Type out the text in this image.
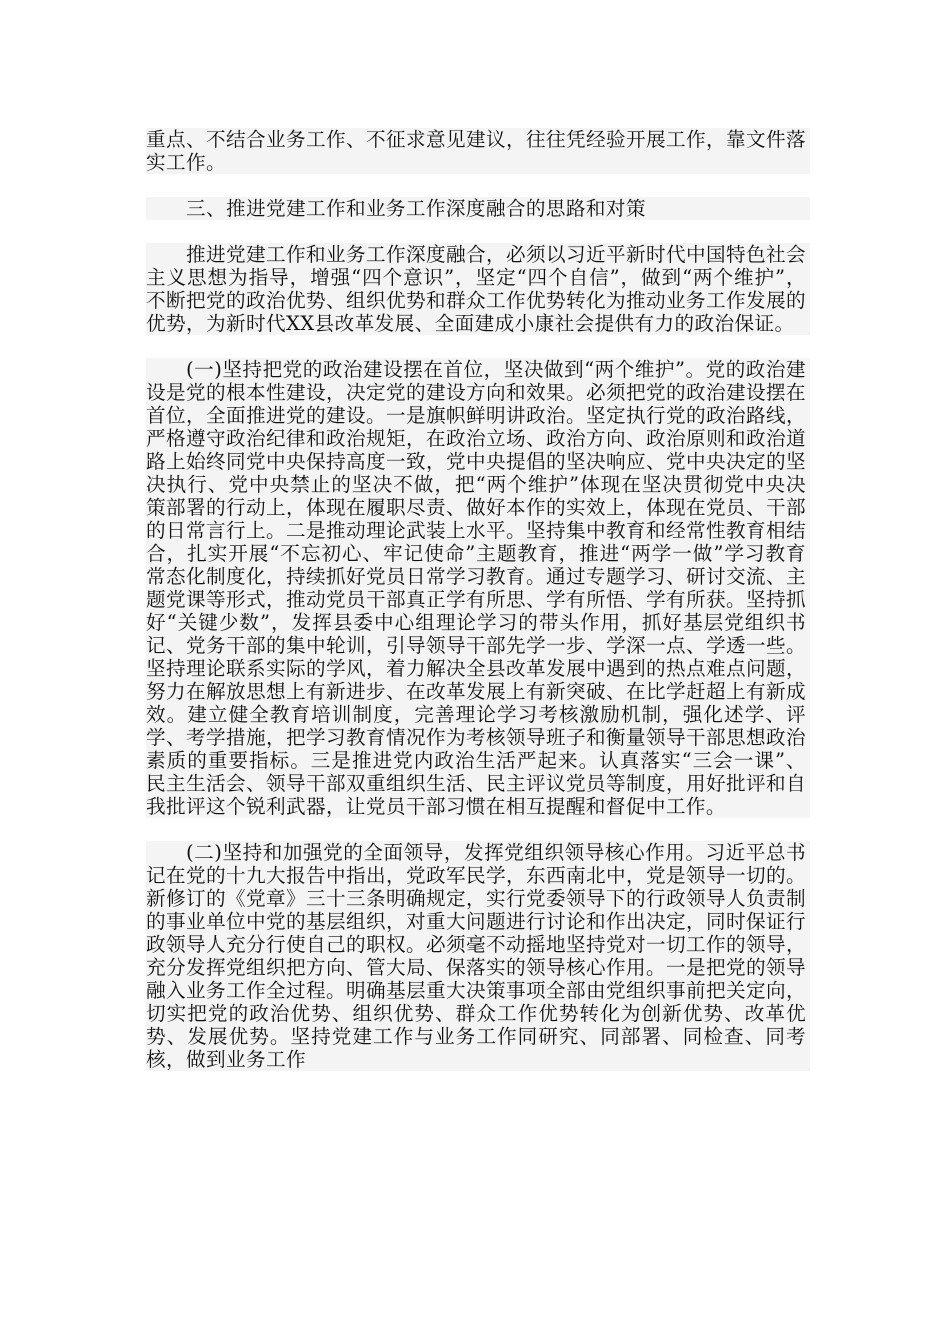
重点、不结合业务工作、不征求意见建议，往往凭经验开展工作，靠文件落实工作。

三、推进党建工作和业务工作深度融合的思路和对策

推进党建工作和业务工作深度融合，必须以习近平新时代中国特色社会主义思想为指导，增强“四个意识”，坚定“四个自信”，做到“两个维护”，不断把党的政治优势、组织优势和群众工作优势转化为推动业务工作发展的优势，为新时代XX县改革发展、全面建成小康社会提供有力的政治保证。

(一)坚持把党的政治建设摆在首位，坚决做到“两个维护”。党的政治建设是党的根本性建设，决定党的建设方向和效果。必须把党的政治建设摆在首位，全面推进党的建设。一是旗帜鲜明讲政治。坚定执行党的政治路线，严格遵守政治纪律和政治规矩，在政治立场、政治方向、政治原则和政治道路上始终同党中央保持高度一致，党中央提倡的坚决响应、党中央决定的坚决执行、党中央禁止的坚决不做，把“两个维护”体现在坚决贯彻党中央决策部署的行动上，体现在履职尽责、做好本作的实效上，体现在党员、干部的日常言行上。二是推动理论武装上水平。坚持集中教育和经常性教育相结合，扎实开展“不忘初心、牢记使命”主题教育，推进“两学一做”学习教育常态化制度化，持续抓好党员日常学习教育。通过专题学习、研讨交流、主题党课等形式，推动党员干部真正学有所思、学有所悟、学有所获。坚持抓好“关键少数”，发挥县委中心组理论学习的带头作用，抓好基层党组织书记、党务干部的集中轮训，引导领导干部先学一步、学深一点、学透一些。坚持理论联系实际的学风，着力解决全县改革发展中遇到的热点难点问题，努力在解放思想上有新进步、在改革发展上有新突破、在比学赶超上有新成效。建立健全教育培训制度，完善理论学习考核激励机制，强化述学、评学、考学措施，把学习教育情况作为考核领导班子和衡量领导干部思想政治素质的重要指标。三是推进党内政治生活严起来。认真落实“三会一课”、民主生活会、领导干部双重组织生活、民主评议党员等制度，用好批评和自我批评这个锐利武器，让党员干部习惯在相互提醒和督促中工作。

(二)坚持和加强党的全面领导，发挥党组织领导核心作用。习近平总书记在党的十九大报告中指出，党政军民学，东西南北中，党是领导一切的。新修订的《党章》三十三条明确规定，实行党委领导下的行政领导人负责制的事业单位中党的基层组织，对重大问题进行讨论和作出决定，同时保证行政领导人充分行使自己的职权。必须毫不动摇地坚持党对一切工作的领导，充分发挥党组织把方向、管大局、保落实的领导核心作用。一是把党的领导融入业务工作全过程。明确基层重大决策事项全部由党组织事前把关定向，切实把党的政治优势、组织优势、群众工作优势转化为创新优势、改革优势、发展优势。坚持党建工作与业务工作同研究、同部署、同检查、同考核，做到业务工作
